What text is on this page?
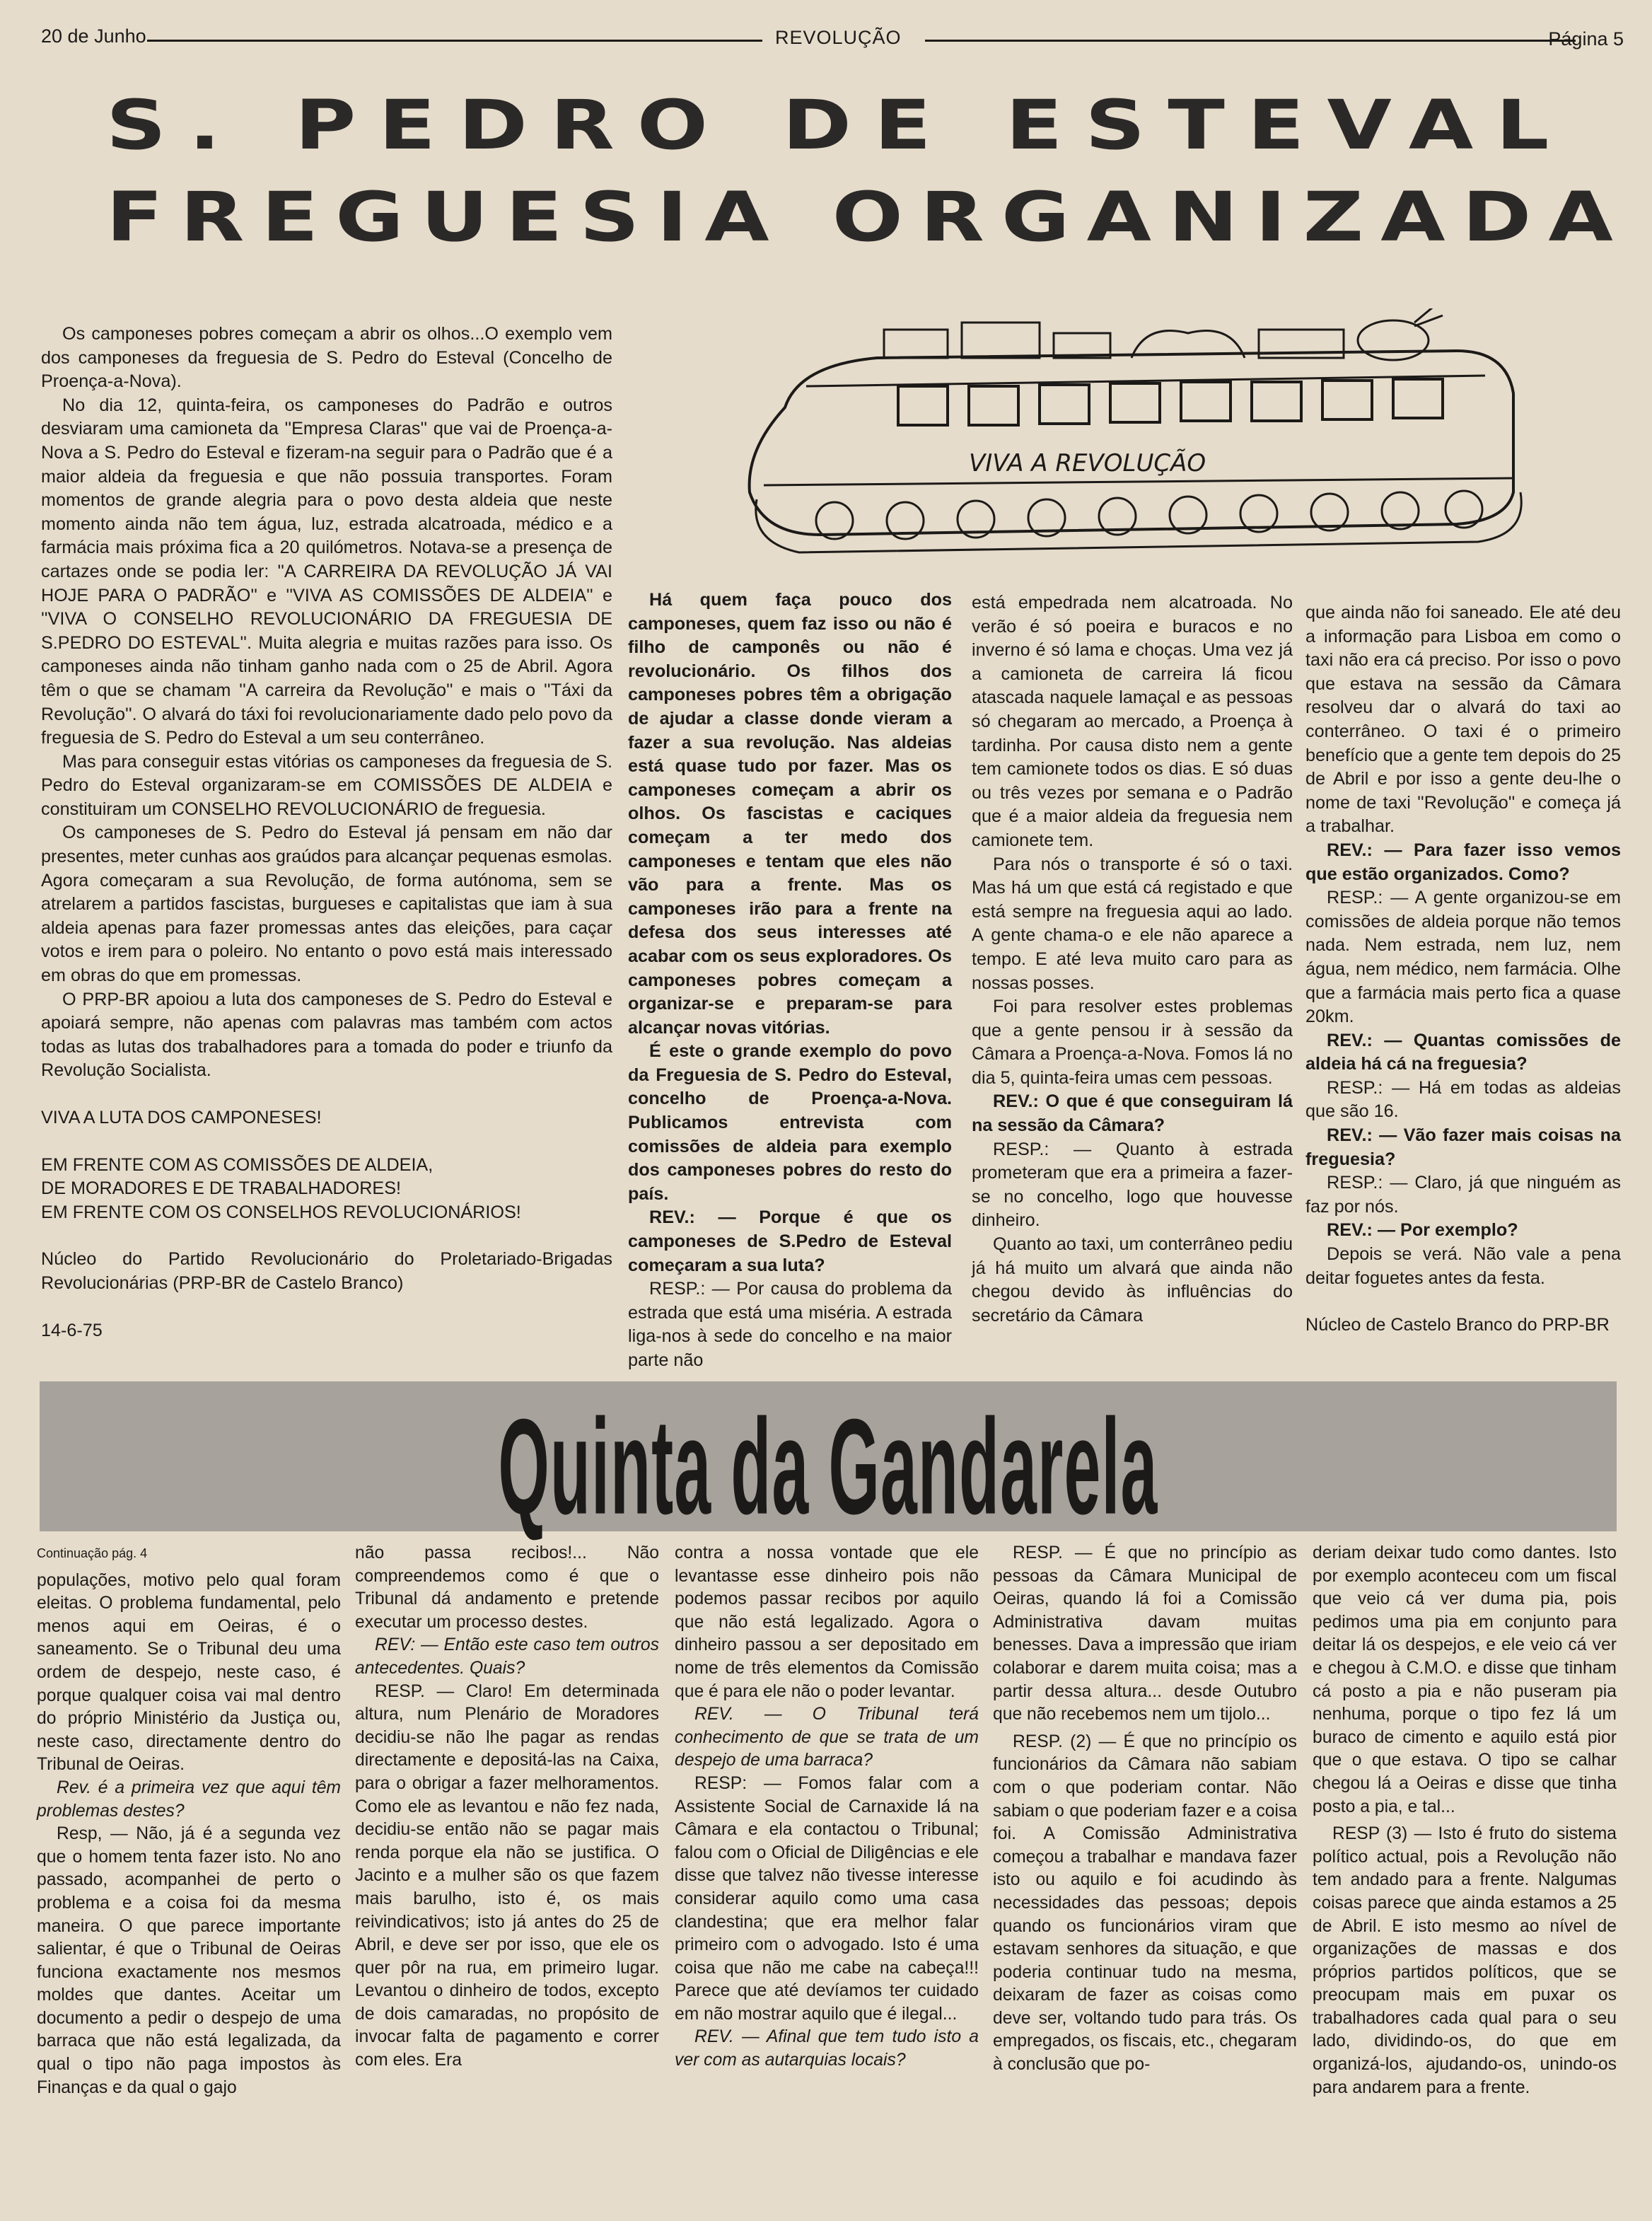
20 de Junho	REVOLUÇÃO	Página 5
S. PEDRO DE ESTEVAL
FREGUESIA ORGANIZADA

Os camponeses pobres começam a abrir os olhos...O exemplo vem dos camponeses da freguesia de S. Pedro do Esteval (Concelho de Proença-a-Nova).

No dia 12, quinta-feira, os camponeses do Padrão e outros desviaram uma camioneta da ''Empresa Claras'' que vai de Proença-a-Nova a S. Pedro do Esteval e fizeram-na seguir para o Padrão que é a maior aldeia da freguesia e que não possuia transportes. Foram momentos de grande alegria para o povo desta aldeia que neste momento ainda não tem água, luz, estrada alcatroada, médico e a farmácia mais próxima fica a 20 quilómetros. Notava-se a presença de cartazes onde se podia ler: ''A CARREIRA DA REVOLUÇÃO JÁ VAI HOJE PARA O PADRÃO'' e ''VIVA AS COMISSÕES DE ALDEIA'' e ''VIVA O CONSELHO REVOLUCIONÁRIO DA FREGUESIA DE S.PEDRO DO ESTEVAL''. Muita alegria e muitas razões para isso. Os camponeses ainda não tinham ganho nada com o 25 de Abril. Agora têm o que se chamam ''A carreira da Revolução'' e mais o ''Táxi da Revolução''. O alvará do táxi foi revolucionariamente dado pelo povo da freguesia de S. Pedro do Esteval a um seu conterrâneo.

Mas para conseguir estas vitórias os camponeses da freguesia de S. Pedro do Esteval organizaram-se em COMISSÕES DE ALDEIA e constituiram um CONSELHO REVOLUCIONÁRIO de freguesia.

Os camponeses de S. Pedro do Esteval já pensam em não dar presentes, meter cunhas aos graúdos para alcançar pequenas esmolas. Agora começaram a sua Revolução, de forma autónoma, sem se atrelarem a partidos fascistas, burgueses e capitalistas que iam à sua aldeia apenas para fazer promessas antes das eleições, para caçar votos e irem para o poleiro. No entanto o povo está mais interessado em obras do que em promessas.

O PRP-BR apoiou a luta dos camponeses de S. Pedro do Esteval e apoiará sempre, não apenas com palavras mas também com actos todas as lutas dos trabalhadores para a tomada do poder e triunfo da Revolução Socialista.

VIVA A LUTA DOS CAMPONESES!

EM FRENTE COM AS COMISSÕES DE ALDEIA,

DE MORADORES E DE TRABALHADORES!

EM FRENTE COM OS CONSELHOS REVOLUCIONÁRIOS!

Núcleo do Partido Revolucionário do Proletariado-Brigadas Revolucionárias (PRP-BR de Castelo Branco)

14-6-75

VIVA A REVOLUÇÃO

Há quem faça pouco dos camponeses, quem faz isso ou não é filho de camponês ou não é revolucionário. Os filhos dos camponeses pobres têm a obrigação de ajudar a classe donde vieram a fazer a sua revolução. Nas aldeias está quase tudo por fazer. Mas os camponeses começam a abrir os olhos. Os fascistas e caciques começam a ter medo dos camponeses e tentam que eles não vão para a frente. Mas os camponeses irão para a frente na defesa dos seus interesses até acabar com os seus exploradores. Os camponeses pobres começam a organizar-se e preparam-se para alcançar novas vitórias.

É este o grande exemplo do povo da Freguesia de S. Pedro do Esteval, concelho de Proença-a-Nova. Publicamos entrevista com comissões de aldeia para exemplo dos camponeses pobres do resto do país.

REV.: — Porque é que os camponeses de S.Pedro de Esteval começaram a sua luta?

RESP.: — Por causa do problema da estrada que está uma miséria. A estrada liga-nos à sede do concelho e na maior parte não

está empedrada nem alcatroada. No verão é só poeira e buracos e no inverno é só lama e choças. Uma vez já a camioneta de carreira lá ficou atascada naquele lamaçal e as pessoas só chegaram ao mercado, a Proença à tardinha. Por causa disto nem a gente tem camionete todos os dias. E só duas ou três vezes por semana e o Padrão que é a maior aldeia da freguesia nem camionete tem.

Para nós o transporte é só o taxi. Mas há um que está cá registado e que está sempre na freguesia aqui ao lado. A gente chama-o e ele não aparece a tempo. E até leva muito caro para as nossas posses.

Foi para resolver estes problemas que a gente pensou ir à sessão da Câmara a Proença-a-Nova. Fomos lá no dia 5, quinta-feira umas cem pessoas.

REV.: O que é que conseguiram lá na sessão da Câmara?

RESP.: — Quanto à estrada prometeram que era a primeira a fazer-se no concelho, logo que houvesse dinheiro.

Quanto ao taxi, um conterrâneo pediu já há muito um alvará que ainda não chegou devido às influências do secretário da Câmara

que ainda não foi saneado. Ele até deu a informação para Lisboa em como o taxi não era cá preciso. Por isso o povo que estava na sessão da Câmara resolveu dar o alvará do taxi ao conterrâneo. O taxi é o primeiro benefício que a gente tem depois do 25 de Abril e por isso a gente deu-lhe o nome de taxi ''Revolução'' e começa já a trabalhar.

REV.: — Para fazer isso vemos que estão organizados. Como?

RESP.: — A gente organizou-se em comissões de aldeia porque não temos nada. Nem estrada, nem luz, nem água, nem médico, nem farmácia. Olhe que a farmácia mais perto fica a quase 20km.

REV.: — Quantas comissões de aldeia há cá na freguesia?

RESP.: — Há em todas as aldeias que são 16.

REV.: — Vão fazer mais coisas na freguesia?

RESP.: — Claro, já que ninguém as faz por nós.

REV.: — Por exemplo?

Depois se verá. Não vale a pena deitar foguetes antes da festa.

Núcleo de Castelo Branco do PRP-BR

Quinta da Gandarela

Continuação pág. 4

populações, motivo pelo qual foram eleitas. O problema fundamental, pelo menos aqui em Oeiras, é o saneamento. Se o Tribunal deu uma ordem de despejo, neste caso, é porque qualquer coisa vai mal dentro do próprio Ministério da Justiça ou, neste caso, directamente dentro do Tribunal de Oeiras.

Rev. é a primeira vez que aqui têm problemas destes?

Resp, — Não, já é a segunda vez que o homem tenta fazer isto. No ano passado, acompanhei de perto o problema e a coisa foi da mesma maneira. O que parece importante salientar, é que o Tribunal de Oeiras funciona exactamente nos mesmos moldes que dantes. Aceitar um documento a pedir o despejo de uma barraca que não está legalizada, da qual o tipo não paga impostos às Finanças e da qual o gajo

não passa recibos!... Não compreendemos como é que o Tribunal dá andamento e pretende executar um processo destes.

REV: — Então este caso tem outros antecedentes. Quais?

RESP. — Claro! Em determinada altura, num Plenário de Moradores decidiu-se não lhe pagar as rendas directamente e depositá-las na Caixa, para o obrigar a fazer melhoramentos. Como ele as levantou e não fez nada, decidiu-se então não se pagar mais renda porque ela não se justifica. O Jacinto e a mulher são os que fazem mais barulho, isto é, os mais reivindicativos; isto já antes do 25 de Abril, e deve ser por isso, que ele os quer pôr na rua, em primeiro lugar. Levantou o dinheiro de todos, excepto de dois camaradas, no propósito de invocar falta de pagamento e correr com eles. Era

contra a nossa vontade que ele levantasse esse dinheiro pois não podemos passar recibos por aquilo que não está legalizado. Agora o dinheiro passou a ser depositado em nome de três elementos da Comissão que é para ele não o poder levantar.

REV. — O Tribunal terá conhecimento de que se trata de um despejo de uma barraca?

RESP: — Fomos falar com a Assistente Social de Carnaxide lá na Câmara e ela contactou o Tribunal; falou com o Oficial de Diligências e ele disse que talvez não tivesse interesse considerar aquilo como uma casa clandestina; que era melhor falar primeiro com o advogado. Isto é uma coisa que não me cabe na cabeça!!! Parece que até devíamos ter cuidado em não mostrar aquilo que é ilegal...

REV. — Afinal que tem tudo isto a ver com as autarquias locais?

RESP. — É que no princípio as pessoas da Câmara Municipal de Oeiras, quando lá foi a Comissão Administrativa davam muitas benesses. Dava a impressão que iriam colaborar e darem muita coisa; mas a partir dessa altura... desde Outubro que não recebemos nem um tijolo...

RESP. (2) — É que no princípio os funcionários da Câmara não sabiam com o que poderiam contar. Não sabiam o que poderiam fazer e a coisa foi. A Comissão Administrativa começou a trabalhar e mandava fazer isto ou aquilo e foi acudindo às necessidades das pessoas; depois quando os funcionários viram que estavam senhores da situação, e que poderia continuar tudo na mesma, deixaram de fazer as coisas como deve ser, voltando tudo para trás. Os empregados, os fiscais, etc., chegaram à conclusão que po-

deriam deixar tudo como dantes. Isto por exemplo aconteceu com um fiscal que veio cá ver duma pia, pois pedimos uma pia em conjunto para deitar lá os despejos, e ele veio cá ver e chegou à C.M.O. e disse que tinham cá posto a pia e não puseram pia nenhuma, porque o tipo fez lá um buraco de cimento e aquilo está pior que o que estava. O tipo se calhar chegou lá a Oeiras e disse que tinha posto a pia, e tal...

RESP (3) — Isto é fruto do sistema político actual, pois a Revolução não tem andado para a frente. Nalgumas coisas parece que ainda estamos a 25 de Abril. E isto mesmo ao nível de organizações de massas e dos próprios partidos políticos, que se preocupam mais em puxar os trabalhadores cada qual para o seu lado, dividindo-os, do que em organizá-los, ajudando-os, unindo-os para andarem para a frente.
